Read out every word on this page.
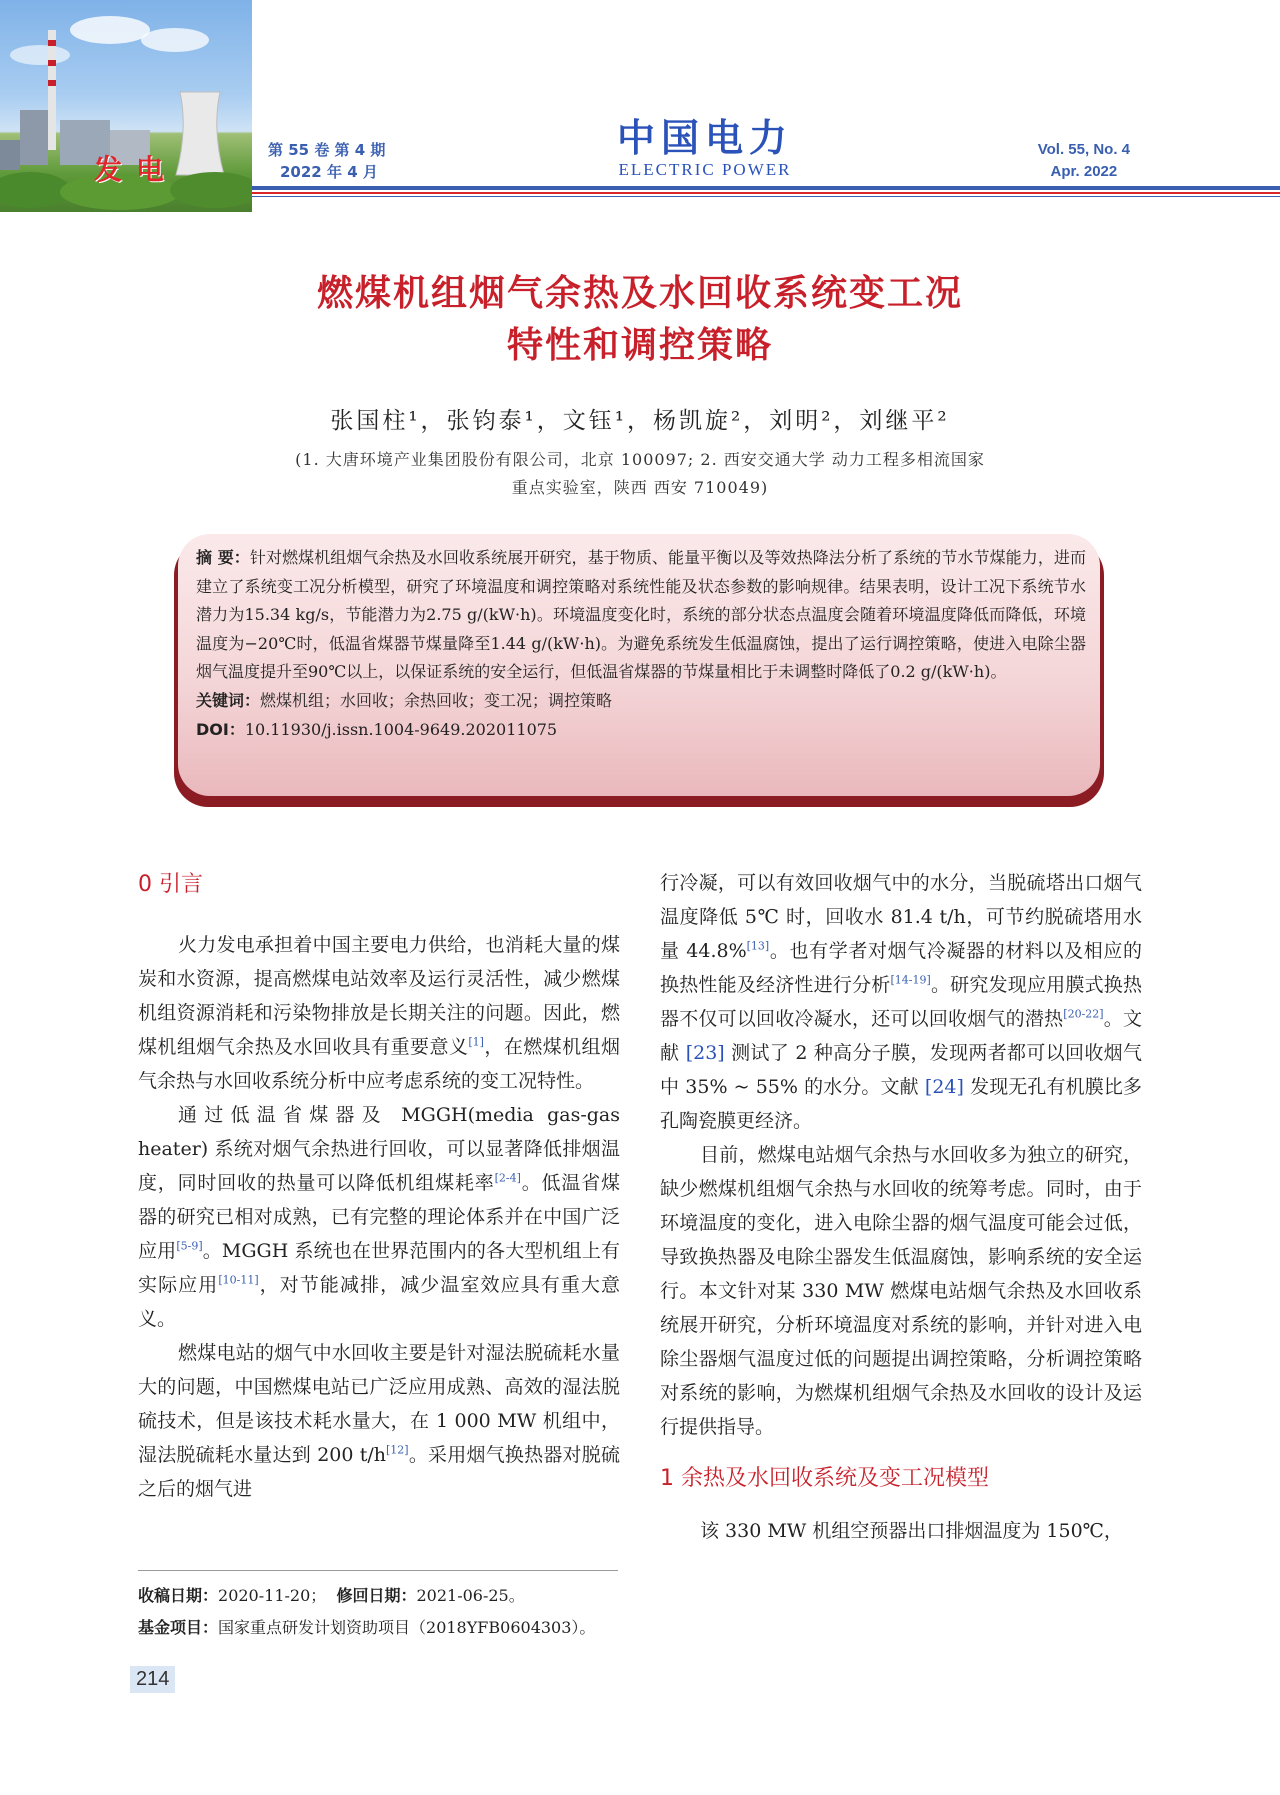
发电
第 55 卷 第 4 期
2022 年 4 月
中国电力
ELECTRIC POWER
Vol. 55, No. 4
Apr. 2022
燃煤机组烟气余热及水回收系统变工况
特性和调控策略
张国柱¹，张钧泰¹，文钰¹，杨凯旋²，刘明²，刘继平²
(1. 大唐环境产业集团股份有限公司，北京 100097; 2. 西安交通大学 动力工程多相流国家
重点实验室，陕西 西安 710049)

摘 要：针对燃煤机组烟气余热及水回收系统展开研究，基于物质、能量平衡以及等效热降法分析了系统的节水节煤能力，进而建立了系统变工况分析模型，研究了环境温度和调控策略对系统性能及状态参数的影响规律。结果表明，设计工况下系统节水潜力为15.34 kg/s，节能潜力为2.75 g/(kW·h)。环境温度变化时，系统的部分状态点温度会随着环境温度降低而降低，环境温度为−20℃时，低温省煤器节煤量降至1.44 g/(kW·h)。为避免系统发生低温腐蚀，提出了运行调控策略，使进入电除尘器烟气温度提升至90℃以上，以保证系统的安全运行，但低温省煤器的节煤量相比于未调整时降低了0.2 g/(kW·h)。

关键词：燃煤机组；水回收；余热回收；变工况；调控策略

DOI：10.11930/j.issn.1004-9649.202011075

0 引言

火力发电承担着中国主要电力供给，也消耗大量的煤炭和水资源，提高燃煤电站效率及运行灵活性，减少燃煤机组资源消耗和污染物排放是长期关注的问题。因此，燃煤机组烟气余热及水回收具有重要意义[1]，在燃煤机组烟气余热与水回收系统分析中应考虑系统的变工况特性。

通过低温省煤器及 MGGH(media gas-gas heater) 系统对烟气余热进行回收，可以显著降低排烟温度，同时回收的热量可以降低机组煤耗率[2-4]。低温省煤器的研究已相对成熟，已有完整的理论体系并在中国广泛应用[5-9]。MGGH 系统也在世界范围内的各大型机组上有实际应用[10-11]，对节能减排，减少温室效应具有重大意义。

燃煤电站的烟气中水回收主要是针对湿法脱硫耗水量大的问题，中国燃煤电站已广泛应用成熟、高效的湿法脱硫技术，但是该技术耗水量大，在 1 000 MW 机组中，湿法脱硫耗水量达到 200 t/h[12]。采用烟气换热器对脱硫之后的烟气进

行冷凝，可以有效回收烟气中的水分，当脱硫塔出口烟气温度降低 5℃ 时，回收水 81.4 t/h，可节约脱硫塔用水量 44.8%[13]。也有学者对烟气冷凝器的材料以及相应的换热性能及经济性进行分析[14-19]。研究发现应用膜式换热器不仅可以回收冷凝水，还可以回收烟气的潜热[20-22]。文献 [23] 测试了 2 种高分子膜，发现两者都可以回收烟气中 35% ~ 55% 的水分。文献 [24] 发现无孔有机膜比多孔陶瓷膜更经济。

目前，燃煤电站烟气余热与水回收多为独立的研究，缺少燃煤机组烟气余热与水回收的统筹考虑。同时，由于环境温度的变化，进入电除尘器的烟气温度可能会过低，导致换热器及电除尘器发生低温腐蚀，影响系统的安全运行。本文针对某 330 MW 燃煤电站烟气余热及水回收系统展开研究，分析环境温度对系统的影响，并针对进入电除尘器烟气温度过低的问题提出调控策略，分析调控策略对系统的影响，为燃煤机组烟气余热及水回收的设计及运行提供指导。

1 余热及水回收系统及变工况模型

该 330 MW 机组空预器出口排烟温度为 150℃，

收稿日期：2020-11-20； 修回日期：2021-06-25。
基金项目：国家重点研发计划资助项目（2018YFB0604303）。
214
